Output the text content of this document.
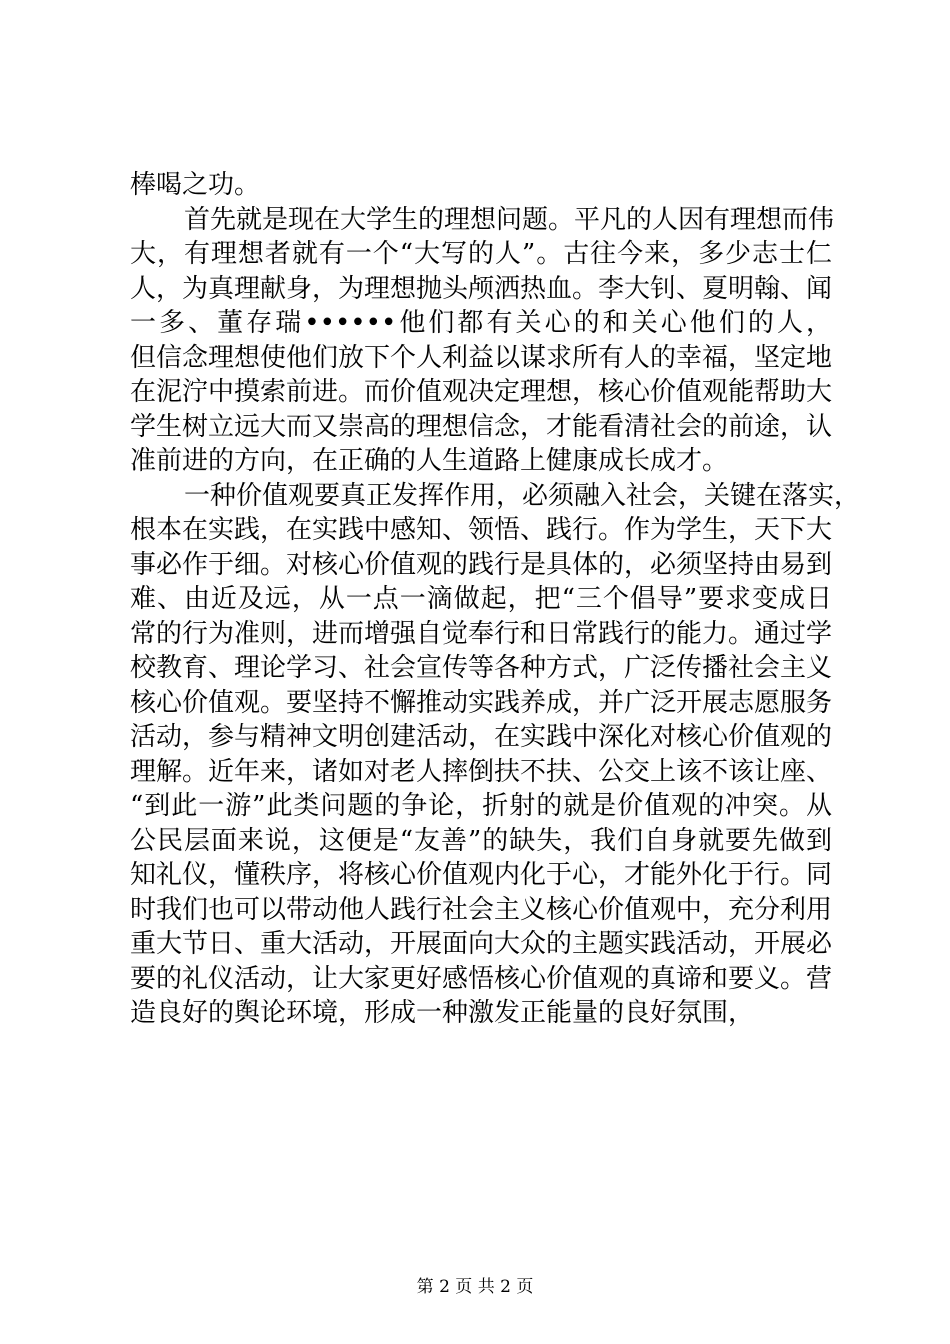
棒喝之功。
首先就是现在大学生的理想问题。平凡的人因有理想而伟
大，有理想者就有一个“大写的人”。古往今来，多少志士仁
人，为真理献身，为理想抛头颅洒热血。李大钊、夏明翰、闻
一多、董存瑞••••••他们都有关心的和关心他们的人，
但信念理想使他们放下个人利益以谋求所有人的幸福，坚定地
在泥泞中摸索前进。而价值观决定理想，核心价值观能帮助大
学生树立远大而又崇高的理想信念，才能看清社会的前途，认
准前进的方向，在正确的人生道路上健康成长成才。
一种价值观要真正发挥作用，必须融入社会，关键在落实，
根本在实践，在实践中感知、领悟、践行。作为学生，天下大
事必作于细。对核心价值观的践行是具体的，必须坚持由易到
难、由近及远，从一点一滴做起，把“三个倡导”要求变成日
常的行为准则，进而增强自觉奉行和日常践行的能力。通过学
校教育、理论学习、社会宣传等各种方式，广泛传播社会主义
核心价值观。要坚持不懈推动实践养成，并广泛开展志愿服务
活动，参与精神文明创建活动，在实践中深化对核心价值观的
理解。近年来，诸如对老人摔倒扶不扶、公交上该不该让座、
“到此一游”此类问题的争论，折射的就是价值观的冲突。从
公民层面来说，这便是“友善”的缺失，我们自身就要先做到
知礼仪，懂秩序，将核心价值观内化于心，才能外化于行。同
时我们也可以带动他人践行社会主义核心价值观中，充分利用
重大节日、重大活动，开展面向大众的主题实践活动，开展必
要的礼仪活动，让大家更好感悟核心价值观的真谛和要义。营
造良好的舆论环境，形成一种激发正能量的良好氛围，
第 2 页 共 2 页
